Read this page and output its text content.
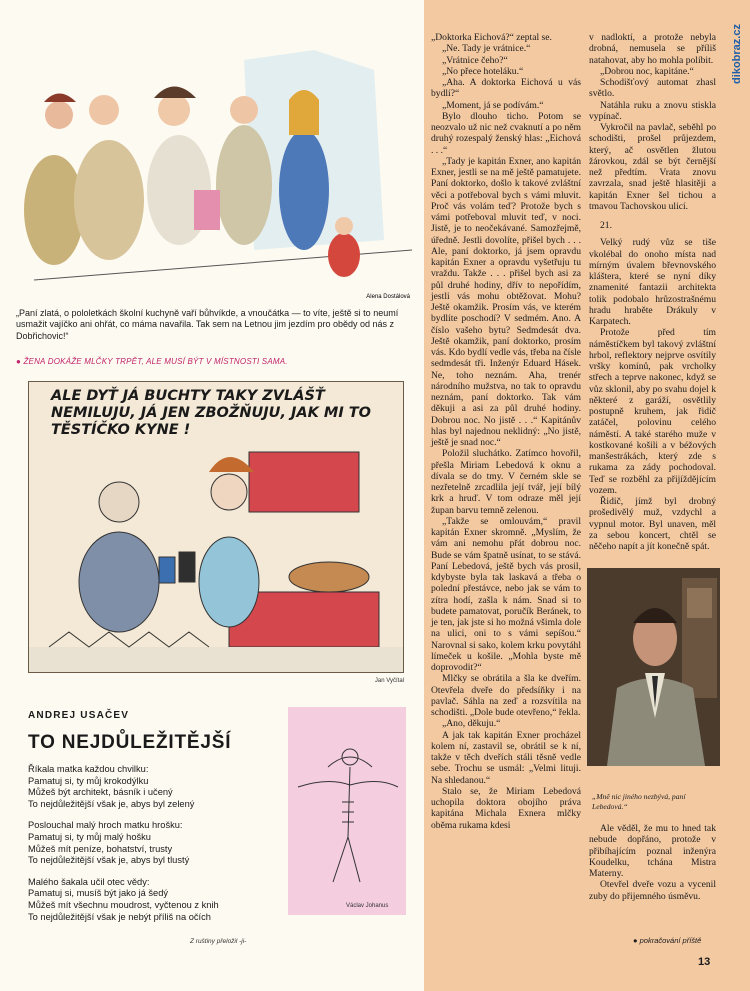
dikobraz.cz
Alena Dostálová
„Paní zlatá, o pololetkách školní kuchyně vaří bůhvíkde, a vnoučátka — to víte, ještě si to neumí usmažit vajíčko ani ohřát, co máma navařila. Tak sem na Letnou jim jezdím pro obědy od nás z Dobřichovic!“
● ŽENA DOKÁŽE MLČKY TRPĚT, ALE MUSÍ BÝT V MÍSTNOSTI SAMA.
ALE DYŤ JÁ BUCHTY TAKY ZVLÁŠŤ NEMILUJU, JÁ JEN ZBOŽŇUJU, JAK MI TO TĚSTÍČKO KYNE !
Jan Vyčítal
ANDREJ USAČEV
TO NEJDŮLEŽITĚJŠÍ
Říkala matka každou chvilku:
Pamatuj si, ty můj krokodýlku
Můžeš být architekt, básník i učený
To nejdůležitější však je, abys byl zelený
Poslouchal malý hroch matku hrošku:
Pamatuj si, ty můj malý hošku
Můžeš mít peníze, bohatství, trusty
To nejdůležitější však je, abys byl tlustý
Malého šakala učil otec vědy:
Pamatuj si, musíš být jako já šedý
Můžeš mít všechnu moudrost, vyčtenou z knih
To nejdůležitější však je nebýt příliš na očích
Z ruštiny přeložil -ji-
Václav Johanus

„Doktorka Eichová?“ zeptal se.

„Ne. Tady je vrátnice.“

„Vrátnice čeho?“

„No přece hoteláku.“

„Aha. A doktorka Eichová u vás bydlí?“

„Moment, já se podívám.“

Bylo dlouho ticho. Potom se neozvalo už nic než cvaknutí a po něm druhý rozespalý ženský hlas: „Eichová . . .“

„Tady je kapitán Exner, ano kapitán Exner, jestli se na mě ještě pamatujete. Paní doktorko, došlo k takové zvláštní věci a potřeboval bych s vámi mluvit. Proč vás volám teď? Protože bych s vámi potřeboval mluvit teď, v noci. Jistě, je to neočekávané. Samozřejmě, úředně. Jestli dovolíte, přišel bych . . . Ale, paní doktorko, já jsem opravdu kapitán Exner a opravdu vyšetřuju tu vraždu. Takže . . . přišel bych asi za půl druhé hodiny, dřív to nepořídím, jestli vás mohu obtěžovat. Mohu? Ještě okamžik. Prosím vás, ve kterém bydlíte poschodí? V sedmém. Ano. A číslo vašeho bytu? Sedmdesát dva. Ještě okamžik, paní doktorko, prosím vás. Kdo bydlí vedle vás, třeba na čísle sedmdesát tři. Inženýr Eduard Hásek. Ne, toho neznám. Aha, trenér národního mužstva, no tak to opravdu neznám, paní doktorko. Tak vám děkuji a asi za půl druhé hodiny. Dobrou noc. No jistě . . .“ Kapitánův hlas byl najednou neklidný: „No jistě, ještě je snad noc.“

Položil sluchátko. Zatímco hovořil, přešla Miriam Lebedová k oknu a dívala se do tmy. V černém skle se nezřetelně zrcadlila její tvář, její bílý krk a hruď. V tom odraze měl její župan barvu temně zelenou.

„Takže se omlouvám,“ pravil kapitán Exner skromně. „Myslím, že vám ani nemohu přát dobrou noc. Bude se vám špatně usínat, to se stává. Paní Lebedová, ještě bych vás prosil, kdybyste byla tak laskavá a třeba o polední přestávce, nebo jak se vám to zítra hodí, zašla k nám. Snad si to budete pamatovat, poručík Beránek, to je ten, jak jste si ho možná všimla dole na ulici, oni to s vámi sepíšou.“ Narovnal si sako, kolem krku povytáhl límeček u košile. „Mohla byste mě doprovodit?“

Mlčky se obrátila a šla ke dveřím. Otevřela dveře do předsíňky i na pavlač. Sáhla na zeď a rozsvítila na schodišti. „Dole bude otevřeno,“ řekla.

„Ano, děkuju.“

A jak tak kapitán Exner procházel kolem ní, zastavil se, obrátil se k ní, takže v těch dveřích stáli těsně vedle sebe. Trochu se usmál: „Velmi lituji. Na shledanou.“

Stalo se, že Miriam Lebedová uchopila doktora obojího práva kapitána Michala Exnera mlčky oběma rukama kdesi

v nadloktí, a protože nebyla drobná, nemusela se příliš natahovat, aby ho mohla políbit.

„Dobrou noc, kapitáne.“

Schodišťový automat zhasl světlo.

Natáhla ruku a znovu stiskla vypínač.

Vykročil na pavlač, seběhl po schodišti, prošel průjezdem, který, ač osvětlen žlutou žárovkou, zdál se být černější než předtím. Vrata znovu zavrzala, snad ještě hlasitěji a kapitán Exner šel tichou a tmavou Tachovskou ulicí.

21.

Velký rudý vůz se tiše vkolébal do onoho místa nad mírným úvalem břevnovského kláštera, které se nyní díky znamenité fantazii architekta tolik podobalo hrůzostrašnému hradu hraběte Drákuly v Karpatech.

Protože před tím náměstíčkem byl takový zvláštní hrbol, reflektory nejprve osvítily vršky komínů, pak vrcholky střech a teprve nakonec, když se vůz sklonil, aby po svahu dojel k některé z garáží, osvětlily postupně kruhem, jak řidič zatáčel, polovinu celého náměstí. A také starého muže v kostkované košili a v béžových manšestrákách, který zde s rukama za zády pochodoval. Teď se rozběhl za přijíždějícím vozem.

Řidič, jímž byl drobný prošedivělý muž, vzdychl a vypnul motor. Byl unaven, měl za sebou koncert, chtěl se něčeho napít a jít konečně spát.

„Mně nic jiného nezbývá, paní Lebedová.“

Ale věděl, že mu to hned tak nebude dopřáno, protože v přibíhajícím poznal inženýra Koudelku, tchána Mistra Materny.

Otevřel dveře vozu a vycenil zuby do přijemného úsměvu.

● pokračování příště
13
